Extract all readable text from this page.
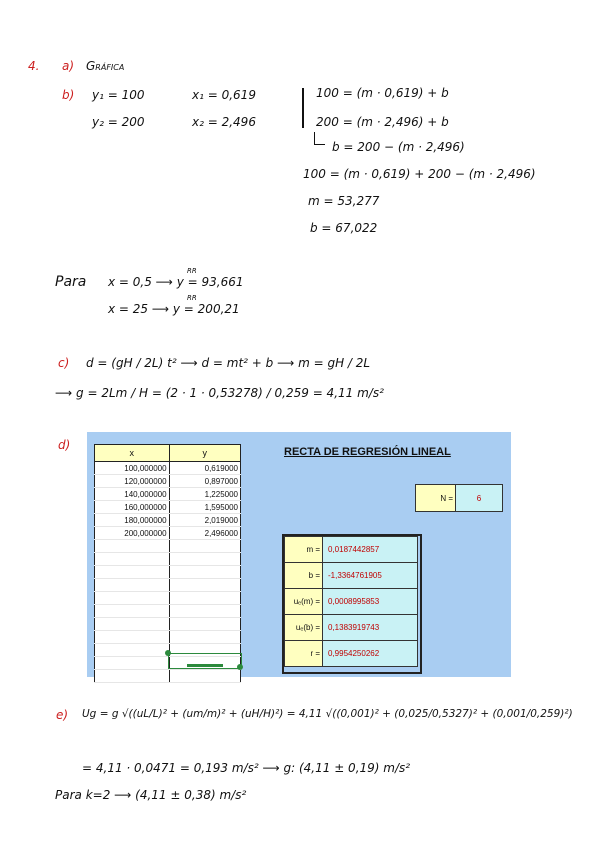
4. a) Gráfica
b) y₁ = 100
y₂ = 200
x₁ = 0,619
x₂ = 2,496
100 = (m · 0,619) + b
200 = (m · 2,496) + b
b = 200 − (m · 2,496)
100 = (m · 0,619) + 200 − (m · 2,496)
m = 53,277
b = 67,022
Para x = 0,5 ⟶ y = 93,661
RR
x = 25 ⟶ y = 200,21
RR
c) d = (gH / 2L) t² ⟶ d = mt² + b ⟶ m = gH / 2L
⟶ g = 2Lm / H = (2 · 1 · 0,53278) / 0,259 = 4,11 m/s²
d)
x	y
100,000000	0,619000
120,000000	0,897000
140,000000	1,225000
160,000000	1,595000
180,000000	2,019000
200,000000	2,496000

RECTA DE REGRESIÓN LINEAL
N =	6
m =	0,0187442857
b =	-1,3364761905
uₑ(m) =	0,0008995853
uₑ(b) =	0,1383919743
r =	0,9954250262
e) Ug = g √((uL/L)² + (um/m)² + (uH/H)²) = 4,11 √((0,001)² + (0,025/0,5327)² + (0,001/0,259)²)
= 4,11 · 0,0471 = 0,193 m/s² ⟶ g: (4,11 ± 0,19) m/s²
Para k=2 ⟶ (4,11 ± 0,38) m/s²
